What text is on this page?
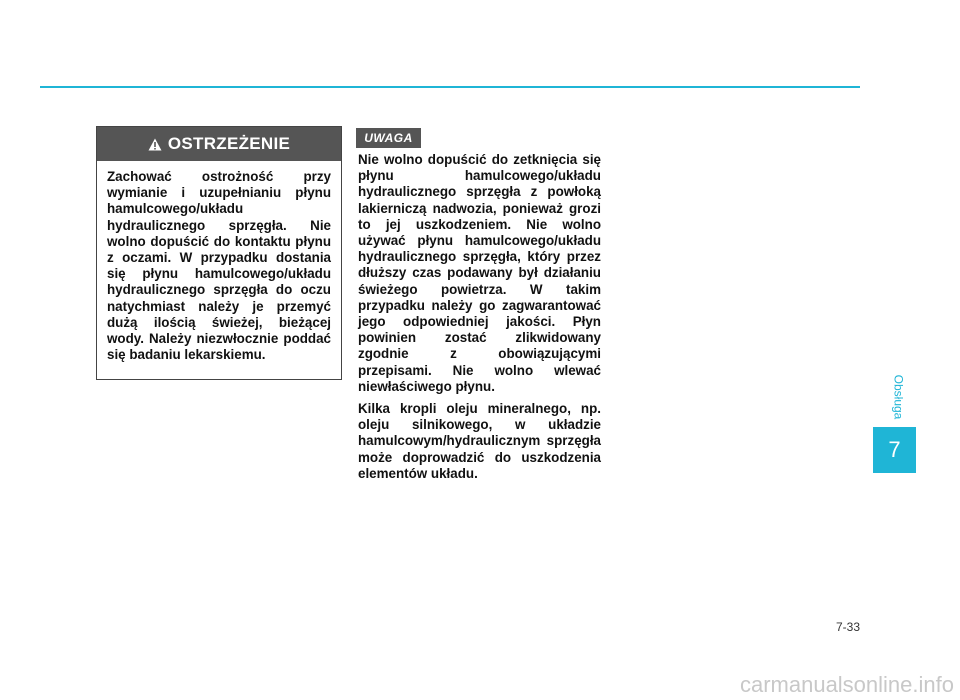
OSTRZEŻENIE

Zachować ostrożność przy wymianie i uzupełnianiu płynu hamulcowego/układu hydraulicznego sprzęgła. Nie wolno dopuścić do kontaktu płynu z oczami. W przypadku dostania się płynu hamulcowego/układu hydraulicznego sprzęgła do oczu natychmiast należy je przemyć dużą ilością świeżej, bieżącej wody. Należy niezwłocznie poddać się badaniu lekarskiemu.

UWAGA

Nie wolno dopuścić do zetknięcia się płynu hamulcowego/układu hydraulicznego sprzęgła z powłoką lakierniczą nadwozia, ponieważ grozi to jej uszkodzeniem. Nie wolno używać płynu hamulcowego/układu hydraulicznego sprzęgła, który przez dłuższy czas podawany był działaniu świeżego powietrza. W takim przypadku należy go zagwarantować jego odpowiedniej jakości. Płyn powinien zostać zlikwidowany zgodnie z obowiązującymi przepisami. Nie wolno wlewać niewłaściwego płynu.

Kilka kropli oleju mineralnego, np. oleju silnikowego, w układzie hamulcowym/hydraulicznym sprzęgła może doprowadzić do uszkodzenia elementów układu.

Obsługa
7
7-33
carmanualsonline.info
